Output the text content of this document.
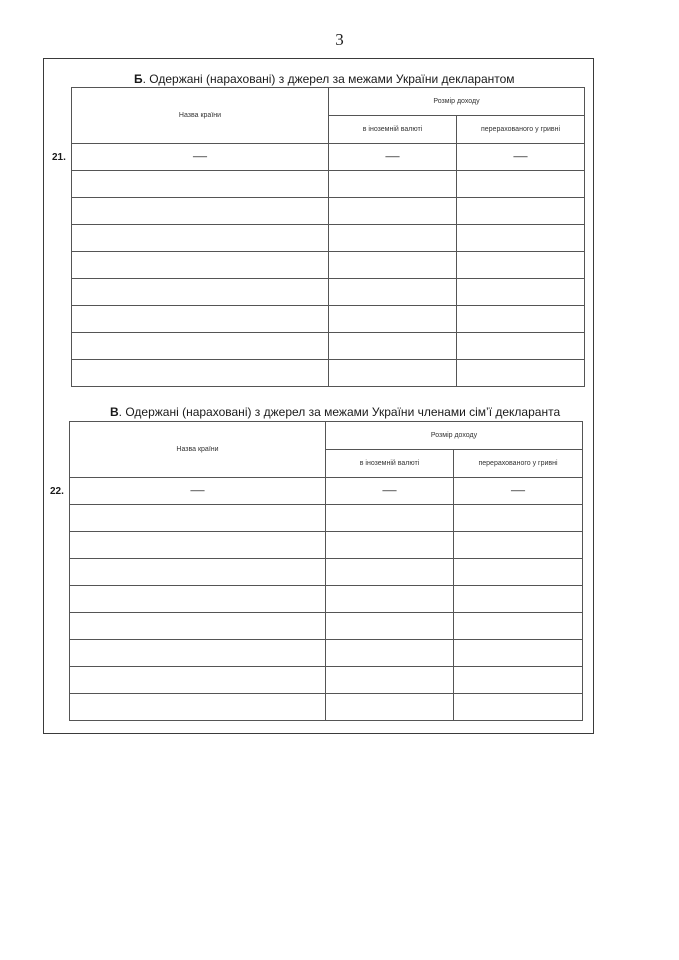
3
Б. Одержані (нараховані) з джерел за межами України декларантом
21.
Назва країни	Розмір доходу	
	в іноземній валюті	перерахованого у гривні
—	—	—

В. Одержані (нараховані) з джерел за межами України членами сім’ї декларанта
22.
Назва країни	Розмір доходу	
	в іноземній валюті	перерахованого у гривні
—	—	—
